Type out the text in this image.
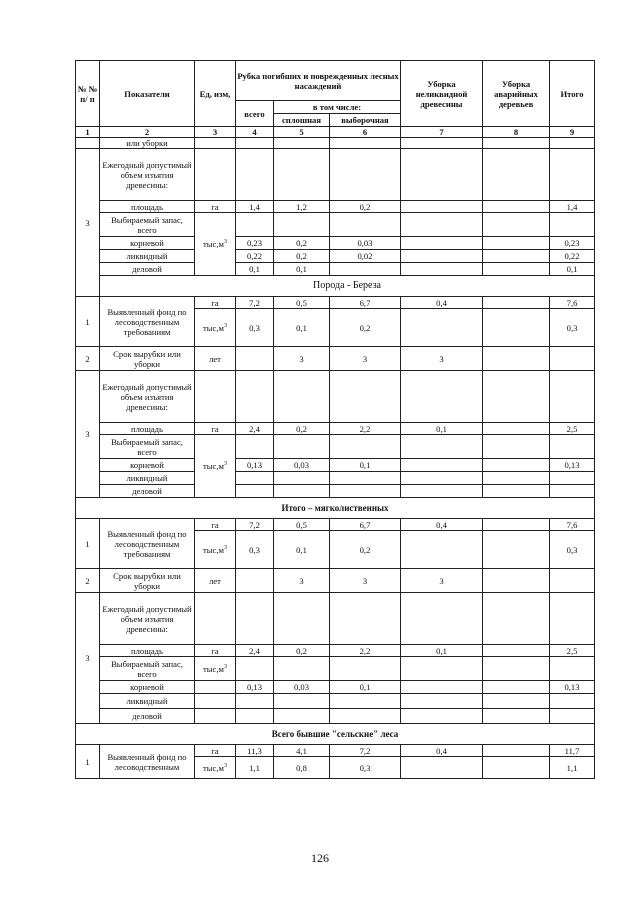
№ № п/ п	Показатели	Ед, изм,	Рубка погибших и поврежденных лесных насаждений			Уборка неликвидной древесины	Уборка аварийных деревьев	Итого
			всего	в том числе:				
				сплошная	выборочная			
1	2	3	4	5	6	7	8	9
	или уборки							
3	Ежегодный допустимый объем изъятия древесины:							
	площадь	га	1,4	1,2	0,2			1,4
	Выбираемый запас, всего	$тыс,м^3$						
	корневой		0,23	0,2	0,03			0,23
	ликвидный		0,22	0,2	0,02			0,22
	деловой		0,1	0,1				0,1
	Порода - Береза							
1	Выявленный фонд по лесоводственным требованиям	га	7,2	0,5	6,7	0,4		7,6
		$тыс,м^3$	0,3	0,1	0,2			0,3
2	Срок вырубки или уборки	лет		3	3	3		
3	Ежегодный допустимый объем изъятия древесины:							
	площадь	га	2,4	0,2	2,2	0,1		2,5
	Выбираемый запас, всего	$тыс,м^3$						
	корневой		0,13	0,03	0,1			0,13
	ликвидный							
	деловой							
Итого – мягколиственных								
1	Выявленный фонд по лесоводственным требованиям	га	7,2	0,5	6,7	0,4		7,6
		$тыс,м^3$	0,3	0,1	0,2			0,3
2	Срок вырубки или уборки	лет		3	3	3		
3	Ежегодный допустимый объем изъятия древесины:							
	площадь	га	2,4	0,2	2,2	0,1		2,5
	Выбираемый запас, всего	$тыс,м^3$						
	корневой		0,13	0,03	0,1			0,13
	ликвидный							
	деловой							
Всего бывшие "сельские" леса								
1	Выявленный фонд по лесоводственным	га	11,3	4,1	7,2	0,4		11,7
		$тыс,м^3$	1,1	0,8	0,3			1,1
126
